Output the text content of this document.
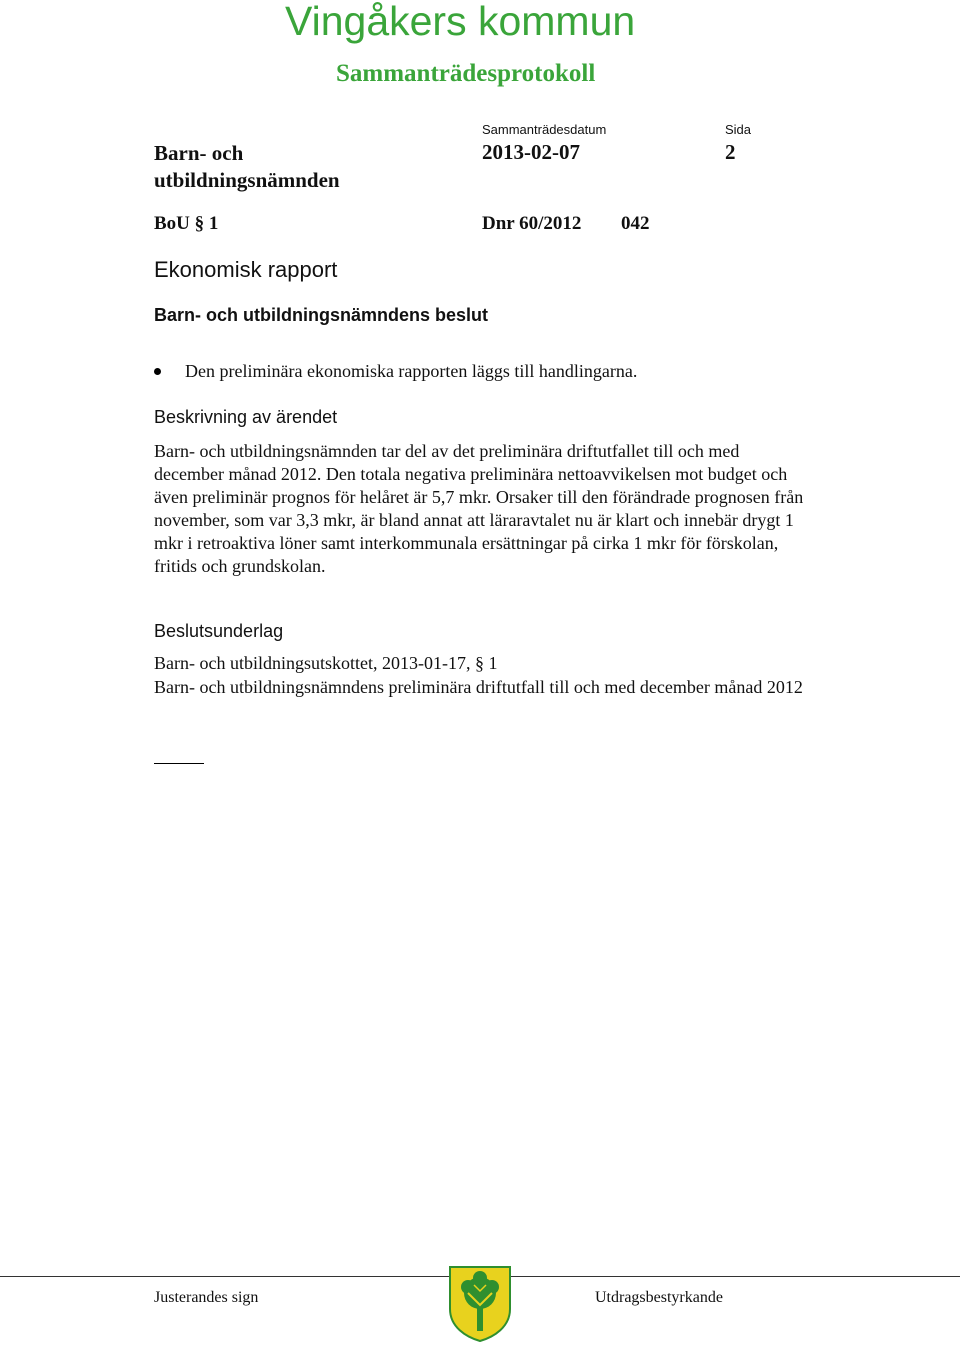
Vingåkers kommun
Sammanträdesprotokoll
Sammanträdesdatum	Sida
Barn- och utbildningsnämnden
2013-02-07	2
BoU § 1	Dnr 60/2012 042
Ekonomisk rapport
Barn- och utbildningsnämndens beslut
Den preliminära ekonomiska rapporten läggs till handlingarna.
Beskrivning av ärendet
Barn- och utbildningsnämnden tar del av det preliminära driftutfallet till och med december månad 2012. Den totala negativa preliminära nettoavvikelsen mot budget och även preliminär prognos för helåret är 5,7 mkr. Orsaker till den förändrade prognosen från november, som var 3,3 mkr, är bland annat att läraravtalet nu är klart och innebär drygt 1 mkr i retroaktiva löner samt interkommunala ersättningar på cirka 1 mkr för förskolan, fritids och grundskolan.
Beslutsunderlag
Barn- och utbildningsutskottet, 2013-01-17, § 1
Barn- och utbildningsnämndens preliminära driftutfall till och med december månad 2012
Justerandes sign	Utdragsbestyrkande
